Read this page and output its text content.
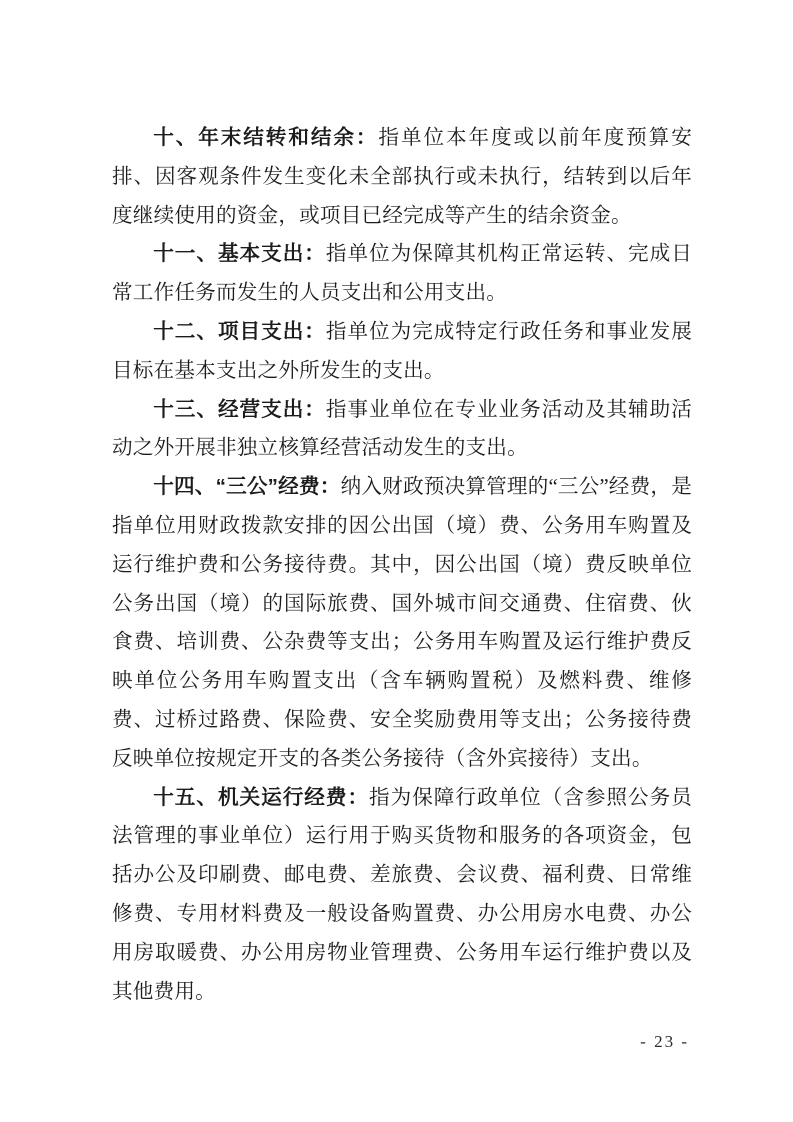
十、年末结转和结余：指单位本年度或以前年度预算安排、因客观条件发生变化未全部执行或未执行，结转到以后年度继续使用的资金，或项目已经完成等产生的结余资金。

十一、基本支出：指单位为保障其机构正常运转、完成日常工作任务而发生的人员支出和公用支出。

十二、项目支出：指单位为完成特定行政任务和事业发展目标在基本支出之外所发生的支出。

十三、经营支出：指事业单位在专业业务活动及其辅助活动之外开展非独立核算经营活动发生的支出。

十四、“三公”经费：纳入财政预决算管理的“三公”经费，是指单位用财政拨款安排的因公出国（境）费、公务用车购置及运行维护费和公务接待费。其中，因公出国（境）费反映单位公务出国（境）的国际旅费、国外城市间交通费、住宿费、伙食费、培训费、公杂费等支出；公务用车购置及运行维护费反映单位公务用车购置支出（含车辆购置税）及燃料费、维修费、过桥过路费、保险费、安全奖励费用等支出；公务接待费反映单位按规定开支的各类公务接待（含外宾接待）支出。

十五、机关运行经费：指为保障行政单位（含参照公务员法管理的事业单位）运行用于购买货物和服务的各项资金，包括办公及印刷费、邮电费、差旅费、会议费、福利费、日常维修费、专用材料费及一般设备购置费、办公用房水电费、办公用房取暖费、办公用房物业管理费、公务用车运行维护费以及其他费用。

- 23 -
